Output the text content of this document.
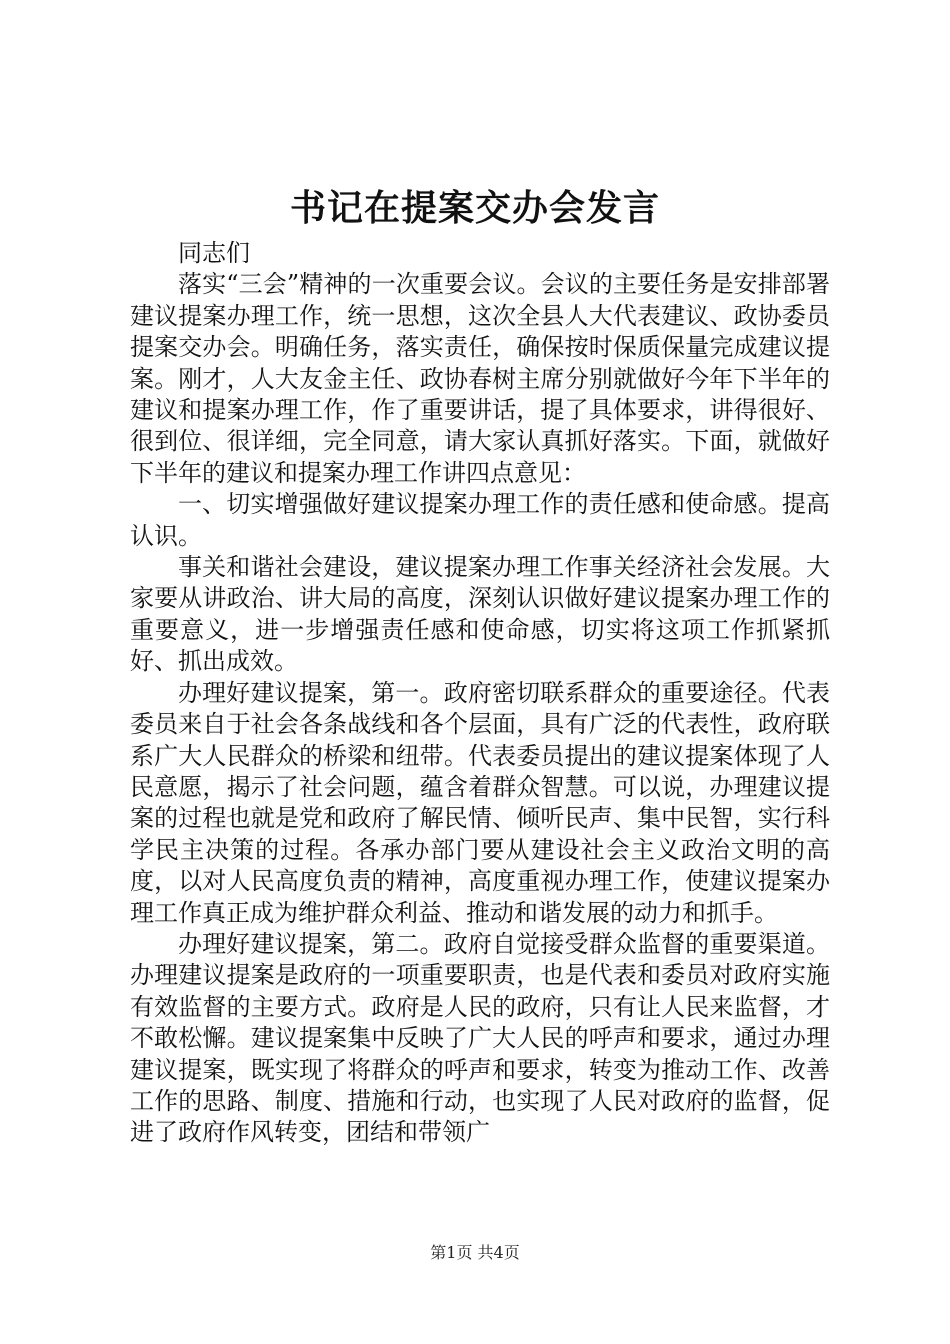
书记在提案交办会发言

同志们

落实“三会”精神的一次重要会议。会议的主要任务是安排部署建议提案办理工作，统一思想，这次全县人大代表建议、政协委员提案交办会。明确任务，落实责任，确保按时保质保量完成建议提案。刚才，人大友金主任、政协春树主席分别就做好今年下半年的建议和提案办理工作，作了重要讲话，提了具体要求，讲得很好、很到位、很详细，完全同意，请大家认真抓好落实。下面，就做好下半年的建议和提案办理工作讲四点意见：

一、切实增强做好建议提案办理工作的责任感和使命感。提高认识。

事关和谐社会建设，建议提案办理工作事关经济社会发展。大家要从讲政治、讲大局的高度，深刻认识做好建议提案办理工作的重要意义，进一步增强责任感和使命感，切实将这项工作抓紧抓好、抓出成效。

办理好建议提案，第一。政府密切联系群众的重要途径。代表委员来自于社会各条战线和各个层面，具有广泛的代表性，政府联系广大人民群众的桥梁和纽带。代表委员提出的建议提案体现了人民意愿，揭示了社会问题，蕴含着群众智慧。可以说，办理建议提案的过程也就是党和政府了解民情、倾听民声、集中民智，实行科学民主决策的过程。各承办部门要从建设社会主义政治文明的高度，以对人民高度负责的精神，高度重视办理工作，使建议提案办理工作真正成为维护群众利益、推动和谐发展的动力和抓手。

办理好建议提案，第二。政府自觉接受群众监督的重要渠道。办理建议提案是政府的一项重要职责，也是代表和委员对政府实施有效监督的主要方式。政府是人民的政府，只有让人民来监督，才不敢松懈。建议提案集中反映了广大人民的呼声和要求，通过办理建议提案，既实现了将群众的呼声和要求，转变为推动工作、改善工作的思路、制度、措施和行动，也实现了人民对政府的监督，促进了政府作风转变，团结和带领广

第1页 共4页
